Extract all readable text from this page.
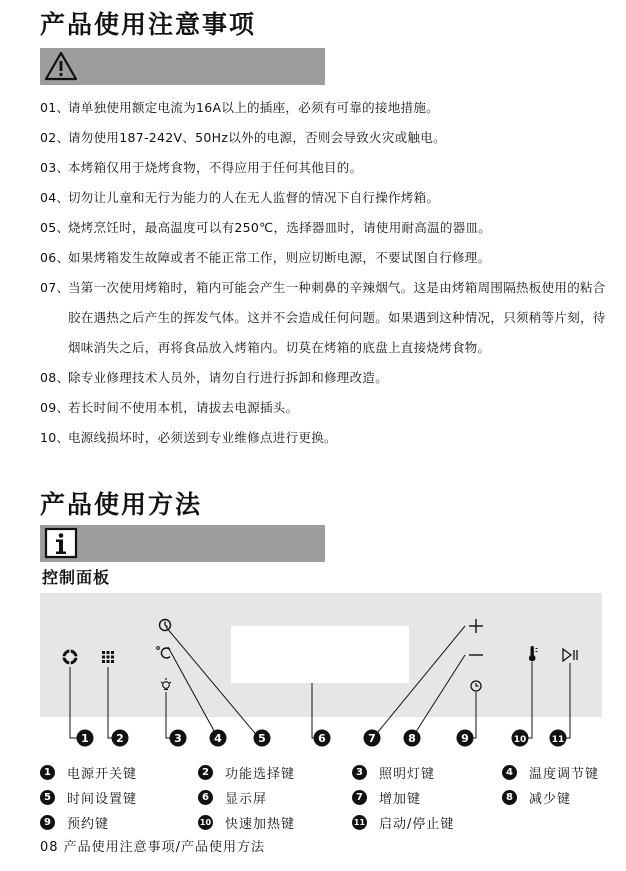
产品使用注意事项
01、
请单独使用额定电流为16A以上的插座，必须有可靠的接地措施。
02、
请勿使用187-242V、50Hz以外的电源，否则会导致火灾或触电。
03、
本烤箱仅用于烧烤食物，不得应用于任何其他目的。
04、
切勿让儿童和无行为能力的人在无人监督的情况下自行操作烤箱。
05、
烧烤烹饪时，最高温度可以有250℃，选择器皿时，请使用耐高温的器皿。
06、
如果烤箱发生故障或者不能正常工作，则应切断电源，不要试图自行修理。
07、
当第一次使用烤箱时，箱内可能会产生一种刺鼻的辛辣烟气。这是由烤箱周围隔热板使用的粘合胶在遇热之后产生的挥发气体。这并不会造成任何问题。如果遇到这种情况，只须稍等片刻，待烟味消失之后，再将食品放入烤箱内。切莫在烤箱的底盘上直接烧烤食物。
08、
除专业修理技术人员外，请勿自行进行拆卸和修理改造。
09、
若长时间不使用本机，请拔去电源插头。
10、
电源线损坏时，必须送到专业维修点进行更换。
产品使用方法
控制面板
1 2	3	4	5	6	7	8	9	10	11
1	电源开关键	2	功能选择键	3	照明灯键	4	温度调节键
5	时间设置键	6	显示屏	7	增加键	8	减少键
9	预约键	10 快速加热键	11 启动/停止键
08 产品使用注意事项/产品使用方法
